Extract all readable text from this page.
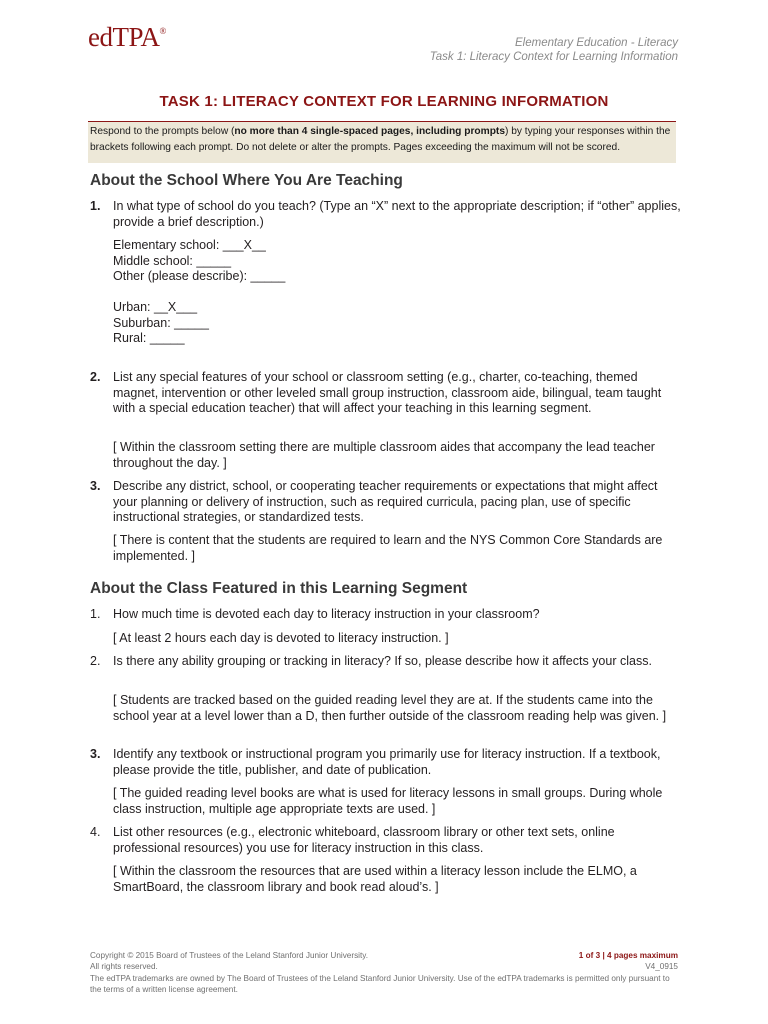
edTPA®
Elementary Education - Literacy
Task 1: Literacy Context for Learning Information
TASK 1: LITERACY CONTEXT FOR LEARNING INFORMATION
Respond to the prompts below (no more than 4 single-spaced pages, including prompts) by typing your responses within the brackets following each prompt. Do not delete or alter the prompts. Pages exceeding the maximum will not be scored.
About the School Where You Are Teaching
1. In what type of school do you teach? (Type an “X” next to the appropriate description; if “other” applies, provide a brief description.)
Elementary school: ___X__
Middle school: _____
Other (please describe): _____
Urban: __X___
Suburban: _____
Rural: _____
2. List any special features of your school or classroom setting (e.g., charter, co-teaching, themed magnet, intervention or other leveled small group instruction, classroom aide, bilingual, team taught with a special education teacher) that will affect your teaching in this learning segment.
[ Within the classroom setting there are multiple classroom aides that accompany the lead teacher throughout the day. ]
3. Describe any district, school, or cooperating teacher requirements or expectations that might affect your planning or delivery of instruction, such as required curricula, pacing plan, use of specific instructional strategies, or standardized tests.
[ There is content that the students are required to learn and the NYS Common Core Standards are implemented. ]
About the Class Featured in this Learning Segment
1. How much time is devoted each day to literacy instruction in your classroom?
[ At least 2 hours each day is devoted to literacy instruction. ]
2. Is there any ability grouping or tracking in literacy? If so, please describe how it affects your class.
[ Students are tracked based on the guided reading level they are at. If the students came into the school year at a level lower than a D, then further outside of the classroom reading help was given. ]
3. Identify any textbook or instructional program you primarily use for literacy instruction. If a textbook, please provide the title, publisher, and date of publication.
[ The guided reading level books are what is used for literacy lessons in small groups. During whole class instruction, multiple age appropriate texts are used. ]
4. List other resources (e.g., electronic whiteboard, classroom library or other text sets, online professional resources) you use for literacy instruction in this class.
[ Within the classroom the resources that are used within a literacy lesson include the ELMO, a SmartBoard, the classroom library and book read aloud’s. ]
Copyright © 2015 Board of Trustees of the Leland Stanford Junior University.
All rights reserved.
The edTPA trademarks are owned by The Board of Trustees of the Leland Stanford Junior University. Use of the edTPA trademarks is permitted only pursuant to the terms of a written license agreement.
1 of 3 | 4 pages maximum
V4_0915
